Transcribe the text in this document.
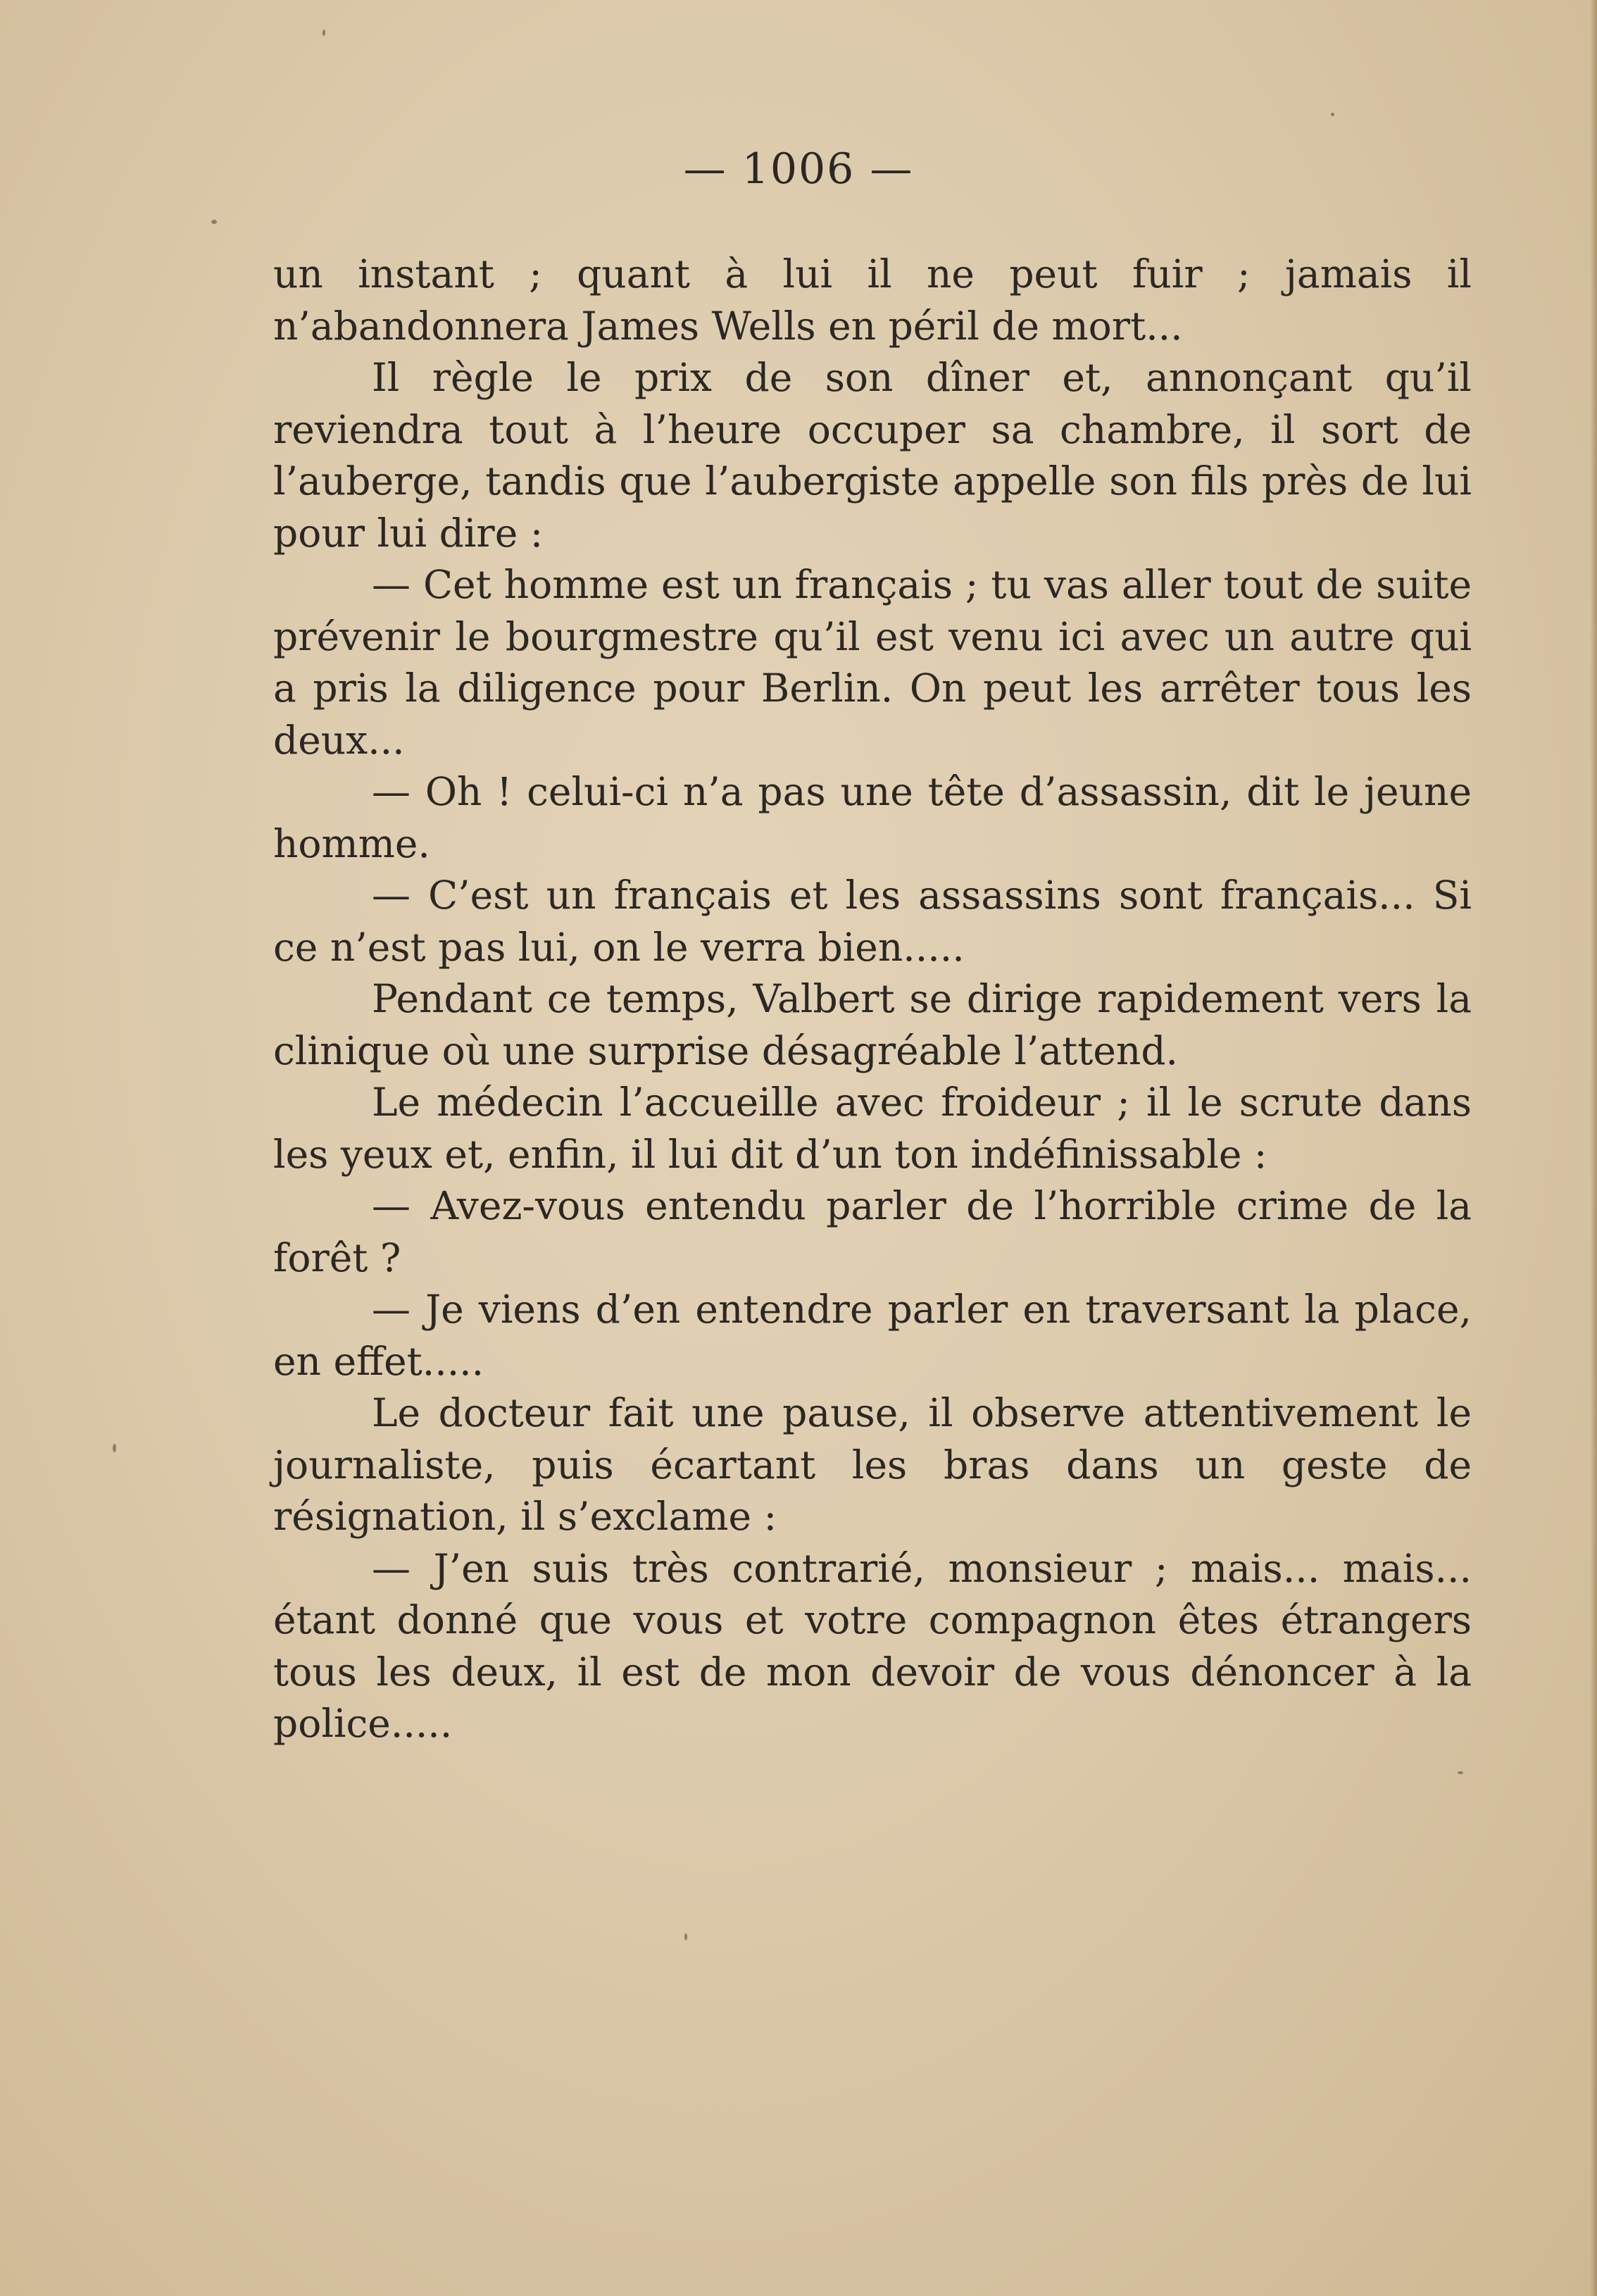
— 1006 —

un instant ; quant à lui il ne peut fuir ; jamais il n’abandonnera James Wells en péril de mort...

Il règle le prix de son dîner et, annonçant qu’il reviendra tout à l’heure occuper sa chambre, il sort de l’auberge, tandis que l’aubergiste appelle son fils près de lui pour lui dire :

— Cet homme est un français ; tu vas aller tout de suite prévenir le bourgmestre qu’il est venu ici avec un autre qui a pris la diligence pour Berlin. On peut les arrêter tous les deux...

— Oh ! celui-ci n’a pas une tête d’assassin, dit le jeune homme.

— C’est un français et les assassins sont français... Si ce n’est pas lui, on le verra bien.....

Pendant ce temps, Valbert se dirige rapidement vers la clinique où une surprise désagréable l’attend.

Le médecin l’accueille avec froideur ; il le scrute dans les yeux et, enfin, il lui dit d’un ton indéfinissable :

— Avez-vous entendu parler de l’horrible crime de la forêt ?

— Je viens d’en entendre parler en traversant la place, en effet.....

Le docteur fait une pause, il observe attentivement le journaliste, puis écartant les bras dans un geste de résignation, il s’exclame :

— J’en suis très contrarié, monsieur ; mais... mais... étant donné que vous et votre compagnon êtes étrangers tous les deux, il est de mon devoir de vous dénoncer à la police.....
